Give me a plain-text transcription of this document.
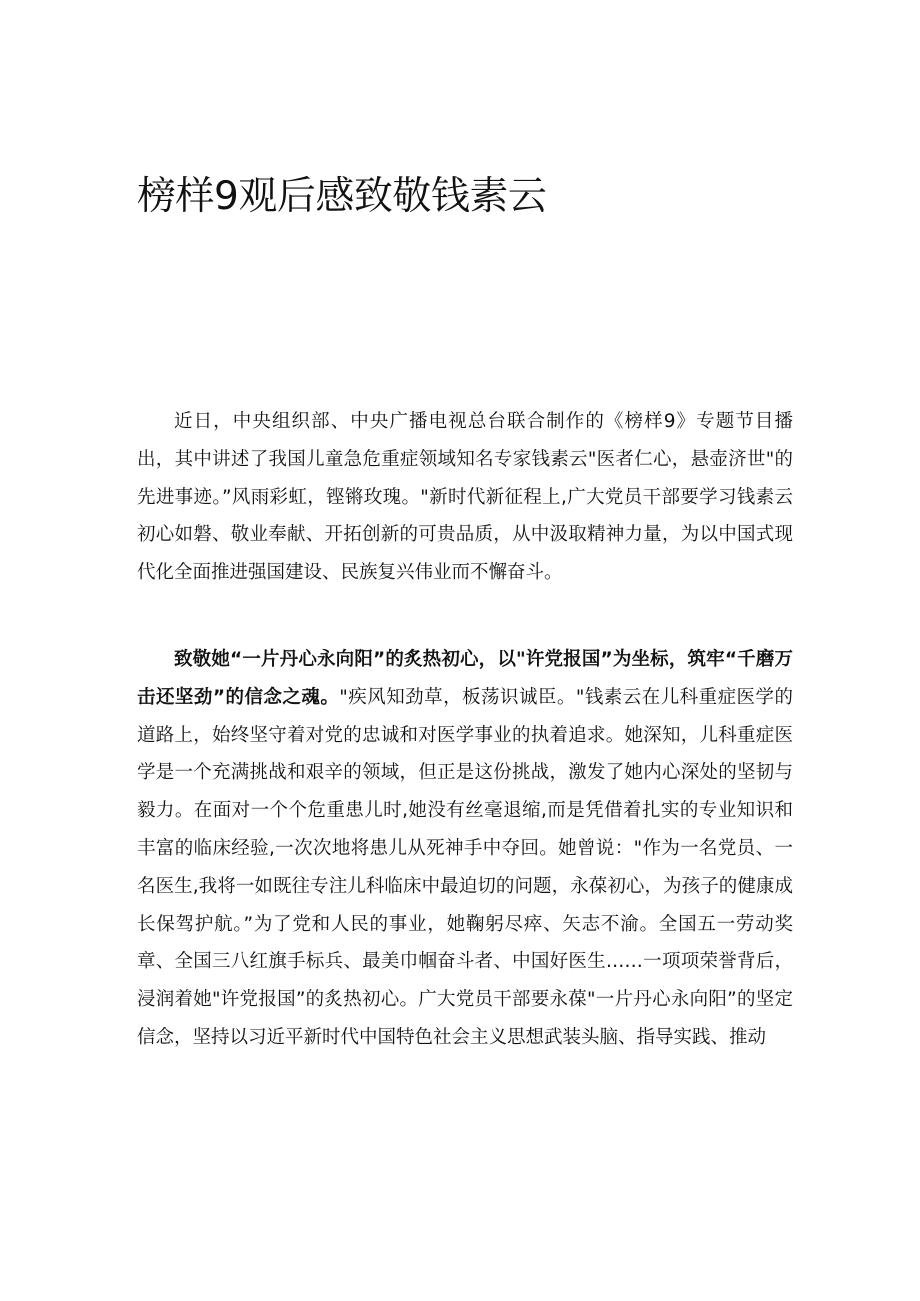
榜样9观后感致敬钱素云

近日，中央组织部、中央广播电视总台联合制作的《榜样9》专题节目播出，其中讲述了我国儿童急危重症领域知名专家钱素云"医者仁心，悬壶济世"的先进事迹。”风雨彩虹，铿锵玫瑰。"新时代新征程上,广大党员干部要学习钱素云初心如磐、敬业奉献、开拓创新的可贵品质，从中汲取精神力量，为以中国式现代化全面推进强国建设、民族复兴伟业而不懈奋斗。

致敬她“一片丹心永向阳”的炙热初心，以"许党报国”为坐标，筑牢“千磨万击还坚劲”的信念之魂。"疾风知劲草，板荡识诚臣。"钱素云在儿科重症医学的道路上，始终坚守着对党的忠诚和对医学事业的执着追求。她深知，儿科重症医学是一个充满挑战和艰辛的领域，但正是这份挑战，激发了她内心深处的坚韧与毅力。在面对一个个危重患儿时,她没有丝毫退缩,而是凭借着扎实的专业知识和丰富的临床经验,一次次地将患儿从死神手中夺回。她曾说："作为一名党员、一名医生,我将一如既往专注儿科临床中最迫切的问题，永葆初心，为孩子的健康成长保驾护航。”为了党和人民的事业，她鞠躬尽瘁、矢志不渝。全国五一劳动奖章、全国三八红旗手标兵、最美巾帼奋斗者、中国好医生……一项项荣誉背后，浸润着她"许党报国”的炙热初心。广大党员干部要永葆"一片丹心永向阳”的坚定信念，坚持以习近平新时代中国特色社会主义思想武装头脑、指导实践、推动
